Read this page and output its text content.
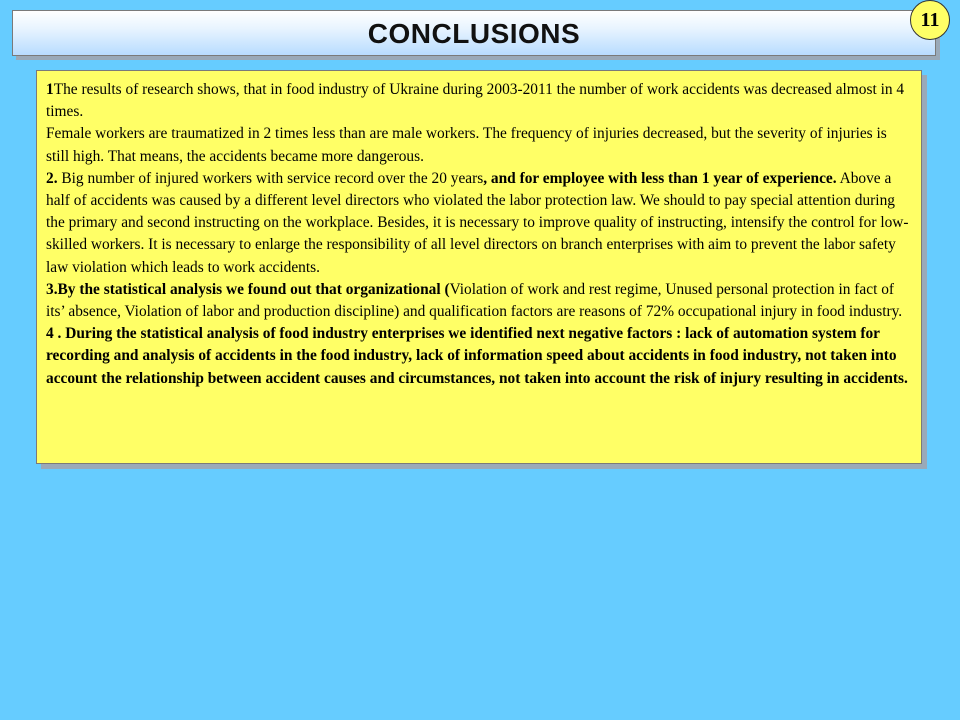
CONCLUSIONS	11

1The results of research shows, that in food industry of Ukraine during 2003-2011 the number of work accidents was decreased almost in 4 times.

Female workers are traumatized in 2 times less than are male workers. The frequency of injuries decreased, but the severity of injuries is still high. That means, the accidents became more dangerous.

2. Big number of injured workers with service record over the 20 years, and for employee with less than 1 year of experience. Above a half of accidents was caused by a different level directors who violated the labor protection law. We should to pay special attention during the primary and second instructing on the workplace. Besides, it is necessary to improve quality of instructing, intensify the control for low-skilled workers. It is necessary to enlarge the responsibility of all level directors on branch enterprises with aim to prevent the labor safety law violation which leads to work accidents.

3.By the statistical analysis we found out that organizational (Violation of work and rest regime, Unused personal protection in fact of its’ absence, Violation of labor and production discipline) and qualification factors are reasons of 72% occupational injury in food industry.

4 . During the statistical analysis of food industry enterprises we identified next negative factors : lack of automation system for recording and analysis of accidents in the food industry, lack of information speed about accidents in food industry, not taken into account the relationship between accident causes and circumstances, not taken into account the risk of injury resulting in accidents.
